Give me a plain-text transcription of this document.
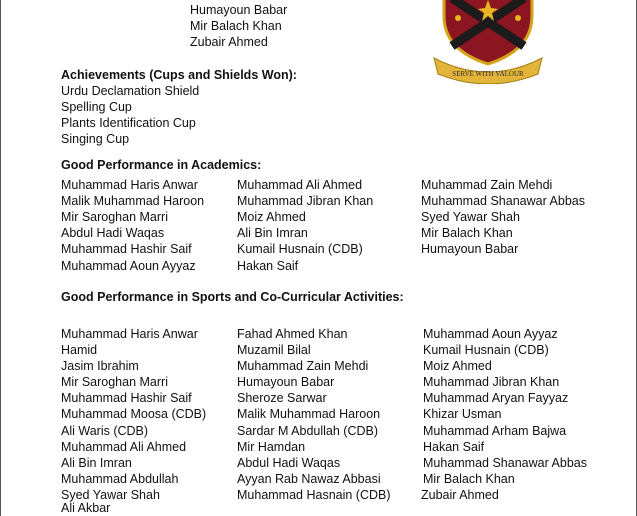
SERVE WITH VALOUR
Humayoun Babar
Mir Balach Khan
Zubair Ahmed
Achievements (Cups and Shields Won):
Urdu Declamation Shield
Spelling Cup
Plants Identification Cup
Singing Cup
Good Performance in Academics:
Muhammad Haris Anwar
Malik Muhammad Haroon
Mir Saroghan Marri
Abdul Hadi Waqas
Muhammad Hashir Saif
Muhammad Aoun Ayyaz
Muhammad Ali Ahmed
Muhammad Jibran Khan
Moiz Ahmed
Ali Bin Imran
Kumail Husnain (CDB)
Hakan Saif
Muhammad Zain Mehdi
Muhammad Shanawar Abbas
Syed Yawar Shah
Mir Balach Khan
Humayoun Babar
Good Performance in Sports and Co-Curricular Activities:
Muhammad Haris Anwar
Hamid
Jasim Ibrahim
Mir Saroghan Marri
Muhammad Hashir Saif
Muhammad Moosa (CDB)
Ali Waris (CDB)
Muhammad Ali Ahmed
Ali Bin Imran
Muhammad Abdullah
Syed Yawar Shah
Ali Akbar
Fahad Ahmed Khan
Muzamil Bilal
Muhammad Zain Mehdi
Humayoun Babar
Sheroze Sarwar
Malik Muhammad Haroon
Sardar M Abdullah (CDB)
Mir Hamdan
Abdul Hadi Waqas
Ayyan Rab Nawaz Abbasi
Muhammad Hasnain (CDB)
Muhammad Aoun Ayyaz
Kumail Husnain (CDB)
Moiz Ahmed
Muhammad Jibran Khan
Muhammad Aryan Fayyaz
Khizar Usman
Muhammad Arham Bajwa
Hakan Saif
Muhammad Shanawar Abbas
Mir Balach Khan
Zubair Ahmed
